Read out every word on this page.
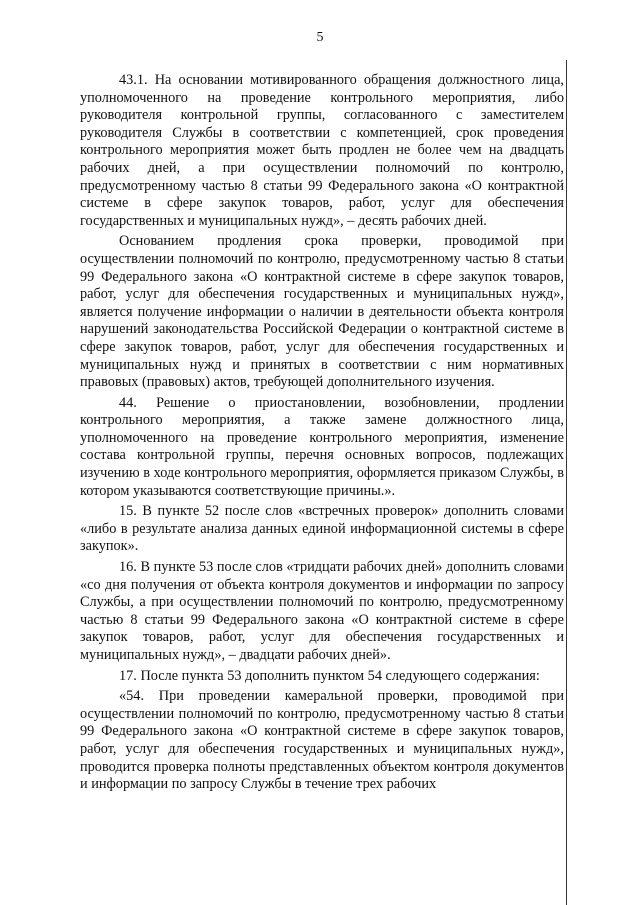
5

43.1. На основании мотивированного обращения должностного лица, уполномоченного на проведение контрольного мероприятия, либо руководителя контрольной группы, согласованного с заместителем руководителя Службы в соответствии с компетенцией, срок проведения контрольного мероприятия может быть продлен не более чем на двадцать рабочих дней, а при осуществлении полномочий по контролю, предусмотренному частью 8 статьи 99 Федерального закона «О контрактной системе в сфере закупок товаров, работ, услуг для обеспечения государственных и муниципальных нужд», – десять рабочих дней.

Основанием продления срока проверки, проводимой при осуществлении полномочий по контролю, предусмотренному частью 8 статьи 99 Федерального закона «О контрактной системе в сфере закупок товаров, работ, услуг для обеспечения государственных и муниципальных нужд», является получение информации о наличии в деятельности объекта контроля нарушений законодательства Российской Федерации о контрактной системе в сфере закупок товаров, работ, услуг для обеспечения государственных и муниципальных нужд и принятых в соответствии с ним нормативных правовых (правовых) актов, требующей дополнительного изучения.

44. Решение о приостановлении, возобновлении, продлении контрольного мероприятия, а также замене должностного лица, уполномоченного на проведение контрольного мероприятия, изменение состава контрольной группы, перечня основных вопросов, подлежащих изучению в ходе контрольного мероприятия, оформляется приказом Службы, в котором указываются соответствующие причины.».

15. В пункте 52 после слов «встречных проверок» дополнить словами «либо в результате анализа данных единой информационной системы в сфере закупок».

16. В пункте 53 после слов «тридцати рабочих дней» дополнить словами «со дня получения от объекта контроля документов и информации по запросу Службы, а при осуществлении полномочий по контролю, предусмотренному частью 8 статьи 99 Федерального закона «О контрактной системе в сфере закупок товаров, работ, услуг для обеспечения государственных и муниципальных нужд», – двадцати рабочих дней».

17. После пункта 53 дополнить пунктом 54 следующего содержания:

«54. При проведении камеральной проверки, проводимой при осуществлении полномочий по контролю, предусмотренному частью 8 статьи 99 Федерального закона «О контрактной системе в сфере закупок товаров, работ, услуг для обеспечения государственных и муниципальных нужд», проводится проверка полноты представленных объектом контроля документов и информации по запросу Службы в течение трех рабочих
